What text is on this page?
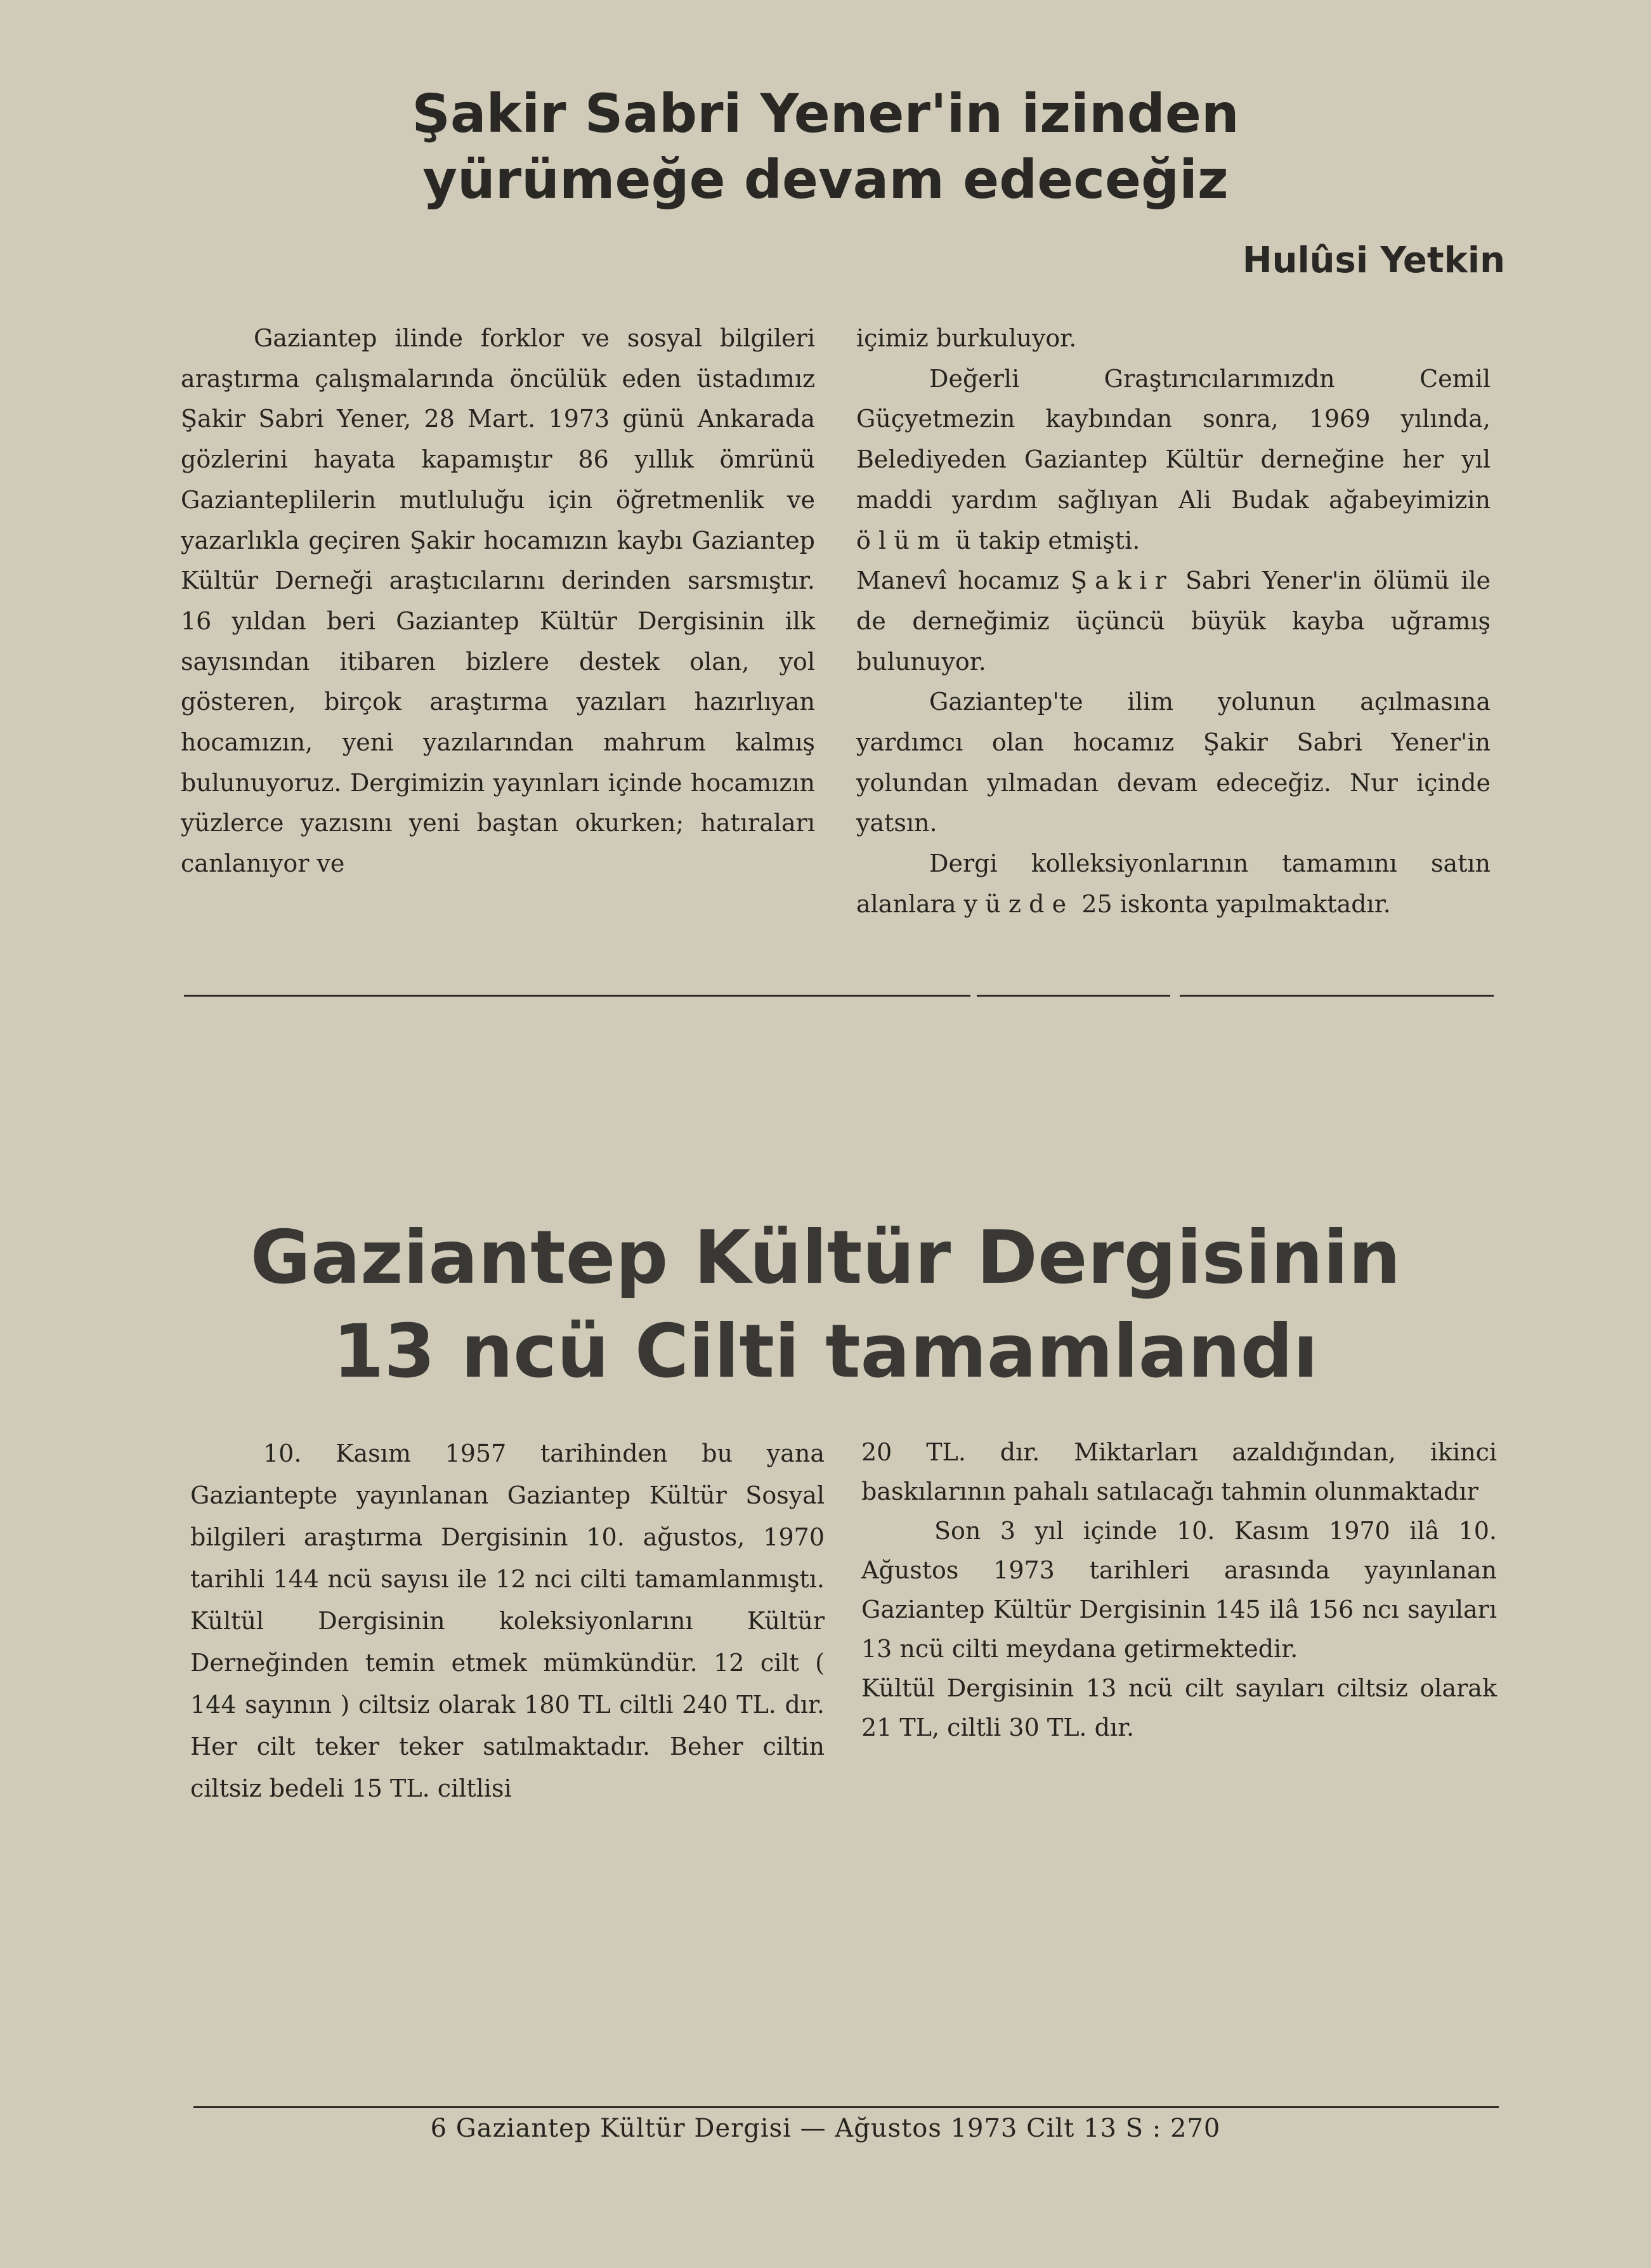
Şakir Sabri Yener'in izinden
yürümeğe devam edeceğiz
Hulûsi Yetkin

Gaziantep ilinde forklor ve sosyal bilgileri araştırma çalışmalarında öncülük eden üstadımız Şakir Sabri Yener, 28 Mart. 1973 günü Ankarada gözlerini hayata kapamıştır 86 yıllık ömrünü Gazianteplilerin mutluluğu için öğretmenlik ve yazarlıkla geçiren Şakir hocamızın kaybı Gaziantep Kültür Derneği araştıcılarını derinden sarsmıştır. 16 yıldan beri Gaziantep Kültür Dergisinin ilk sayısından itibaren bizlere destek olan, yol gösteren, birçok araştırma yazıları hazırlıyan hocamızın, yeni yazılarından mahrum kalmış bulunuyoruz. Dergimizin yayınları içinde hocamızın yüzlerce yazısını yeni baştan okurken; hatıraları canlanıyor ve

içimiz burkuluyor.

Değerli Graştırıcılarımızdn Cemil Güçyetmezin kaybından sonra, 1969 yılında, Belediyeden Gaziantep Kültür derneğine her yıl maddi yardım sağlıyan Ali Budak ağabeyimizin ölüm ü takip etmişti.

Manevî hocamız Şakir Sabri Yener'in ölümü ile de derneğimiz üçüncü büyük kayba uğramış bulunuyor.

Gaziantep'te ilim yolunun açılmasına yardımcı olan hocamız Şakir Sabri Yener'in yolundan yılmadan devam edeceğiz. Nur içinde yatsın.

Dergi kolleksiyonlarının tamamını satın alanlara yüzde 25 iskonta yapılmaktadır.

Gaziantep Kültür Dergisinin
13 ncü Cilti tamamlandı

10. Kasım 1957 tarihinden bu yana Gaziantepte yayınlanan Gaziantep Kültür Sosyal bilgileri araştırma Dergisinin 10. ağustos, 1970 tarihli 144 ncü sayısı ile 12 nci cilti tamamlanmıştı. Kültül Dergisinin koleksiyonlarını Kültür Derneğinden temin etmek mümkündür. 12 cilt ( 144 sayının ) ciltsiz olarak 180 TL ciltli 240 TL. dır. Her cilt teker teker satılmaktadır. Beher ciltin ciltsiz bedeli 15 TL. ciltlisi

20 TL. dır. Miktarları azaldığından, ikinci baskılarının pahalı satılacağı tahmin olunmaktadır

Son 3 yıl içinde 10. Kasım 1970 ilâ 10. Ağustos 1973 tarihleri arasında yayınlanan Gaziantep Kültür Dergisinin 145 ilâ 156 ncı sayıları 13 ncü cilti meydana getirmektedir.

Kültül Dergisinin 13 ncü cilt sayıları ciltsiz olarak 21 TL, ciltli 30 TL. dır.

6 Gaziantep Kültür Dergisi — Ağustos 1973 Cilt 13 S : 270
